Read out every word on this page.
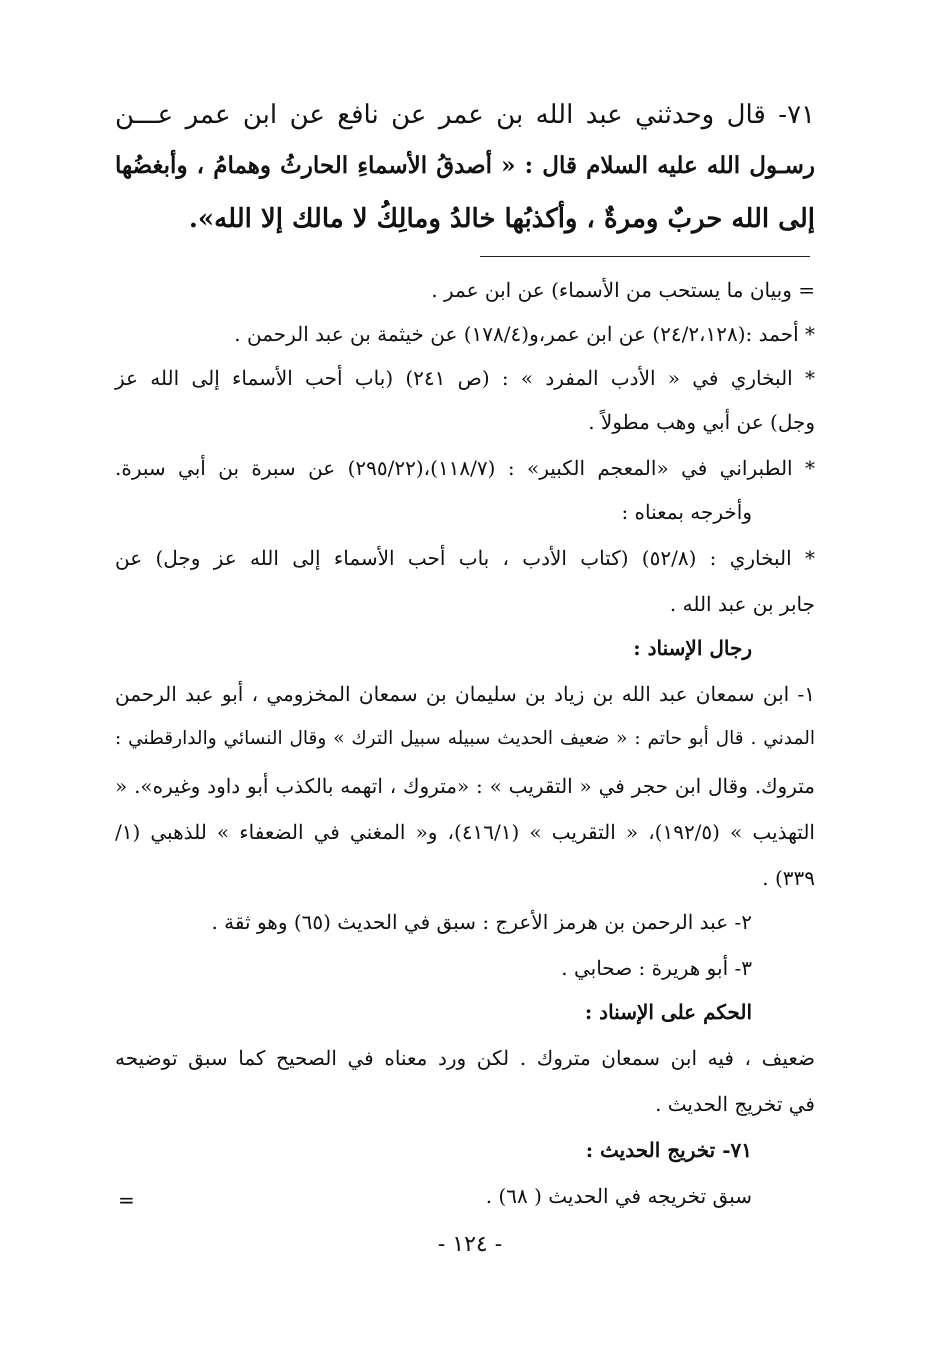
٧١- قال وحدثني عبد الله بن عمر عن نافع عن ابن عمر عـــن
رسـول الله عليه السلام قال : « أصدقُ الأسماءِ الحارثُ وهمامُ ، وأبغضُها
إلى الله حربٌ ومرةٌ ، وأكذبُها خالدُ ومالِكُ لا مالك إلا الله».
= وبيان ما يستحب من الأسماء) عن ابن عمر .
* أحمد :(٢٤/٢،١٢٨) عن ابن عمر،و(١٧٨/٤) عن خيثمة بن عبد الرحمن .
* البخاري في « الأدب المفرد » : (ص ٢٤١) (باب أحب الأسماء إلى الله عز
وجل) عن أبي وهب مطولاً .
* الطبراني في «المعجم الكبير» : (١١٨/٧)،(٢٩٥/٢٢) عن سبرة بن أبي سبرة.
وأخرجه بمعناه :
* البخاري : (٥٢/٨) (كتاب الأدب ، باب أحب الأسماء إلى الله عز وجل) عن
جابر بن عبد الله .
رجال الإسناد :
١- ابن سمعان عبد الله بن زياد بن سليمان بن سمعان المخزومي ، أبو عبد الرحمن
المدني . قال أبو حاتم : « ضعيف الحديث سبيله سبيل الترك » وقال النسائي والدارقطني :
متروك. وقال ابن حجر في « التقريب » : «متروك ، اتهمه بالكذب أبو داود وغيره». «
التهذيب » (١٩٢/٥)، « التقريب » (٤١٦/١)، و« المغني في الضعفاء » للذهبي (١/
٣٣٩) .
٢- عبد الرحمن بن هرمز الأعرج : سبق في الحديث (٦٥) وهو ثقة .
٣- أبو هريرة : صحابي .
الحكم على الإسناد :
ضعيف ، فيه ابن سمعان متروك . لكن ورد معناه في الصحيح كما سبق توضيحه
في تخريج الحديث .
٧١- تخريج الحديث :
سبق تخريجه في الحديث ( ٦٨) .
=
- ١٢٤ -
